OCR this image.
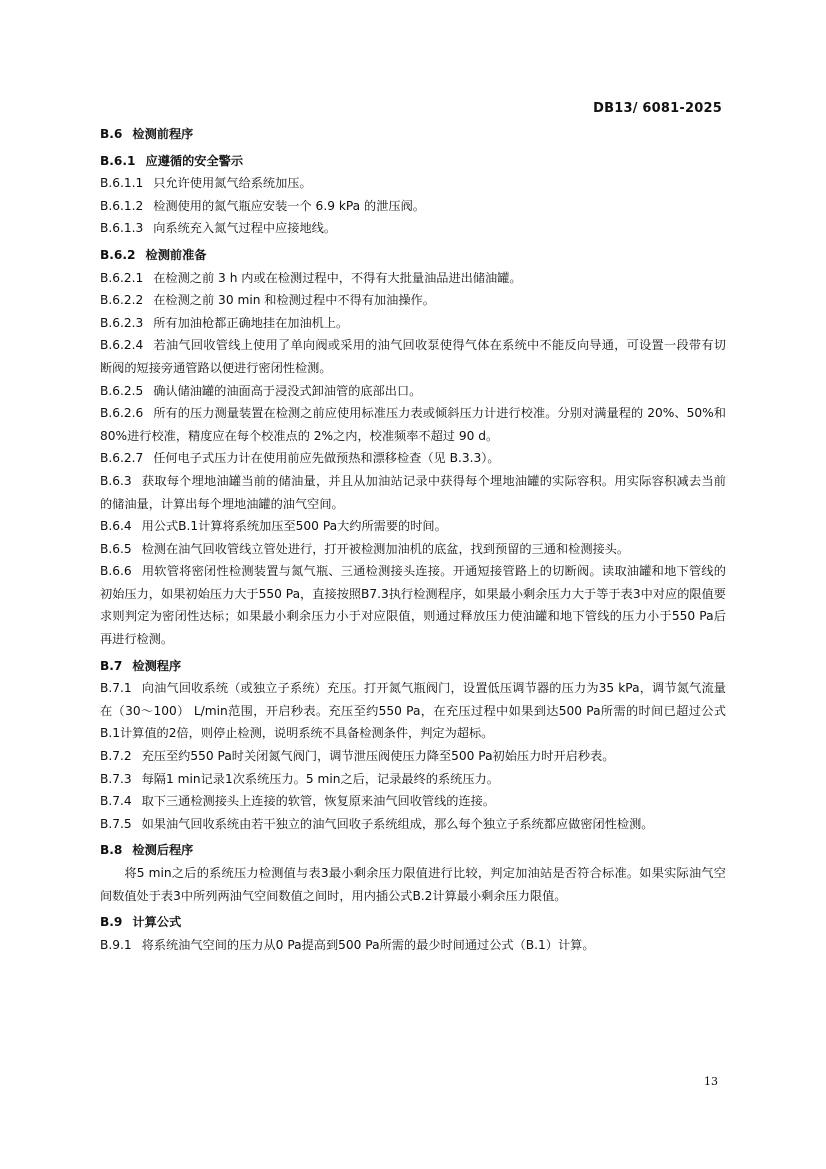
DB13/ 6081-2025
B.6 检测前程序
B.6.1 应遵循的安全警示
B.6.1.1 只允许使用氮气给系统加压。
B.6.1.2 检测使用的氮气瓶应安装一个 6.9 kPa 的泄压阀。
B.6.1.3 向系统充入氮气过程中应接地线。
B.6.2 检测前准备
B.6.2.1 在检测之前 3 h 内或在检测过程中，不得有大批量油品进出储油罐。
B.6.2.2 在检测之前 30 min 和检测过程中不得有加油操作。
B.6.2.3 所有加油枪都正确地挂在加油机上。
B.6.2.4 若油气回收管线上使用了单向阀或采用的油气回收泵使得气体在系统中不能反向导通，可设置一段带有切断阀的短接旁通管路以便进行密闭性检测。
B.6.2.5 确认储油罐的油面高于浸没式卸油管的底部出口。
B.6.2.6 所有的压力测量装置在检测之前应使用标准压力表或倾斜压力计进行校准。分别对满量程的 20%、50%和 80%进行校准，精度应在每个校准点的 2%之内，校准频率不超过 90 d。
B.6.2.7 任何电子式压力计在使用前应先做预热和漂移检查（见 B.3.3）。
B.6.3 获取每个埋地油罐当前的储油量，并且从加油站记录中获得每个埋地油罐的实际容积。用实际容积减去当前的储油量，计算出每个埋地油罐的油气空间。
B.6.4 用公式B.1计算将系统加压至500 Pa大约所需要的时间。
B.6.5 检测在油气回收管线立管处进行，打开被检测加油机的底盆，找到预留的三通和检测接头。
B.6.6 用软管将密闭性检测装置与氮气瓶、三通检测接头连接。开通短接管路上的切断阀。读取油罐和地下管线的初始压力，如果初始压力大于550 Pa，直接按照B7.3执行检测程序，如果最小剩余压力大于等于表3中对应的限值要求则判定为密闭性达标；如果最小剩余压力小于对应限值，则通过释放压力使油罐和地下管线的压力小于550 Pa后再进行检测。
B.7 检测程序
B.7.1 向油气回收系统（或独立子系统）充压。打开氮气瓶阀门，设置低压调节器的压力为35 kPa，调节氮气流量在（30～100） L/min范围，开启秒表。充压至约550 Pa，在充压过程中如果到达500 Pa所需的时间已超过公式B.1计算值的2倍，则停止检测，说明系统不具备检测条件，判定为超标。
B.7.2 充压至约550 Pa时关闭氮气阀门，调节泄压阀使压力降至500 Pa初始压力时开启秒表。
B.7.3 每隔1 min记录1次系统压力。5 min之后，记录最终的系统压力。
B.7.4 取下三通检测接头上连接的软管，恢复原来油气回收管线的连接。
B.7.5 如果油气回收系统由若干独立的油气回收子系统组成，那么每个独立子系统都应做密闭性检测。
B.8 检测后程序
将5 min之后的系统压力检测值与表3最小剩余压力限值进行比较，判定加油站是否符合标准。如果实际油气空间数值处于表3中所列两油气空间数值之间时，用内插公式B.2计算最小剩余压力限值。
B.9 计算公式
B.9.1 将系统油气空间的压力从0 Pa提高到500 Pa所需的最少时间通过公式（B.1）计算。
13
